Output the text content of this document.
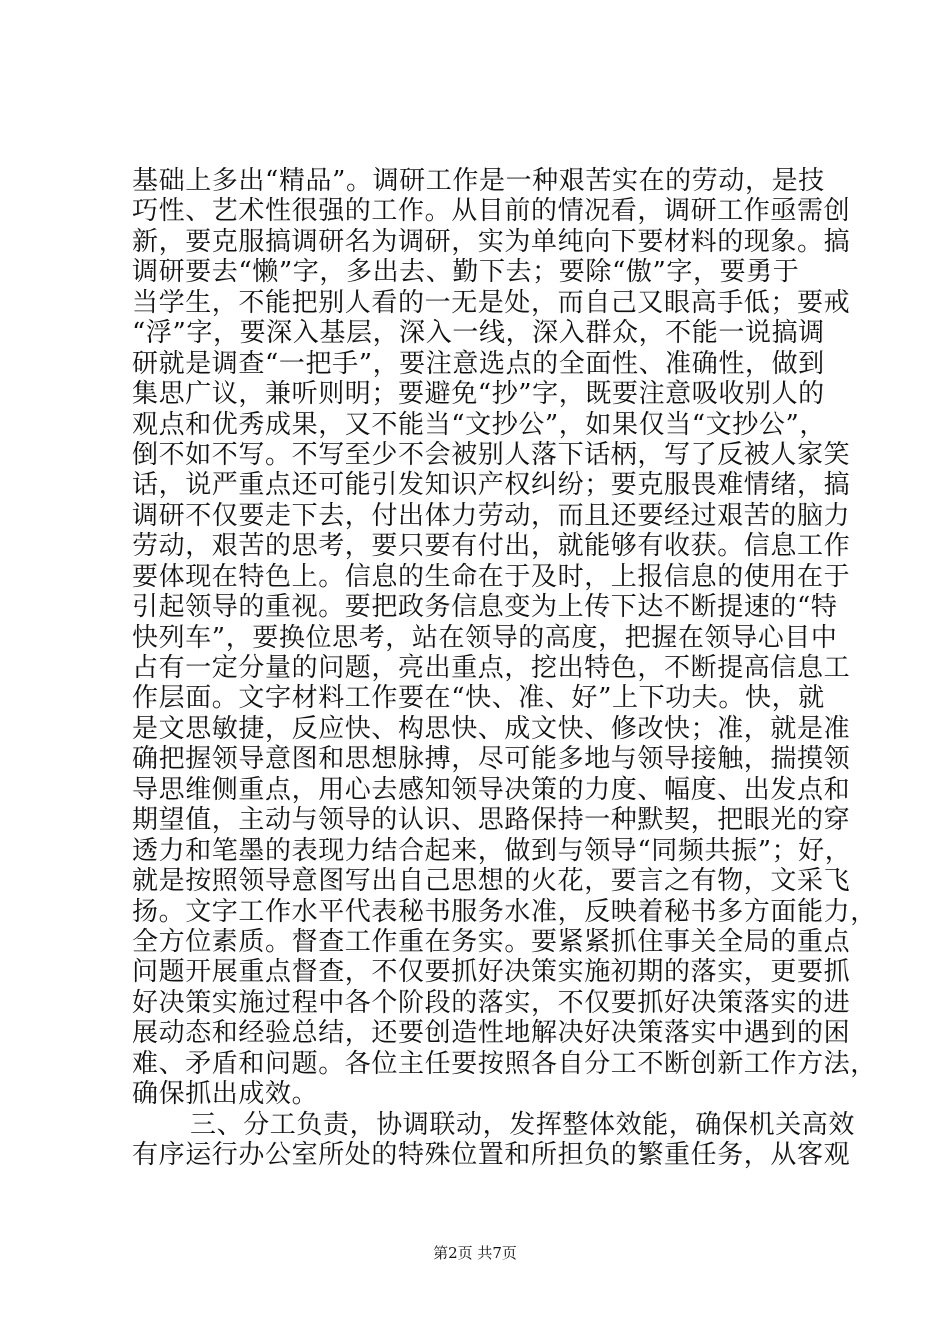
基础上多出“精品”。调研工作是一种艰苦实在的劳动，是技
巧性、艺术性很强的工作。从目前的情况看，调研工作亟需创
新，要克服搞调研名为调研，实为单纯向下要材料的现象。搞
调研要去“懒”字，多出去、勤下去；要除“傲”字，要勇于
当学生，不能把别人看的一无是处，而自己又眼高手低；要戒
“浮”字，要深入基层，深入一线，深入群众，不能一说搞调
研就是调查“一把手”，要注意选点的全面性、准确性，做到
集思广议，兼听则明；要避免“抄”字，既要注意吸收别人的
观点和优秀成果，又不能当“文抄公”，如果仅当“文抄公”，
倒不如不写。不写至少不会被别人落下话柄，写了反被人家笑
话，说严重点还可能引发知识产权纠纷；要克服畏难情绪，搞
调研不仅要走下去，付出体力劳动，而且还要经过艰苦的脑力
劳动，艰苦的思考，要只要有付出，就能够有收获。信息工作
要体现在特色上。信息的生命在于及时，上报信息的使用在于
引起领导的重视。要把政务信息变为上传下达不断提速的“特
快列车”，要换位思考，站在领导的高度，把握在领导心目中
占有一定分量的问题，亮出重点，挖出特色，不断提高信息工
作层面。文字材料工作要在“快、准、好”上下功夫。快，就
是文思敏捷，反应快、构思快、成文快、修改快；准，就是准
确把握领导意图和思想脉搏，尽可能多地与领导接触，揣摸领
导思维侧重点，用心去感知领导决策的力度、幅度、出发点和
期望值，主动与领导的认识、思路保持一种默契，把眼光的穿
透力和笔墨的表现力结合起来，做到与领导“同频共振”；好，
就是按照领导意图写出自己思想的火花，要言之有物，文采飞
扬。文字工作水平代表秘书服务水准，反映着秘书多方面能力，
全方位素质。督查工作重在务实。要紧紧抓住事关全局的重点
问题开展重点督查，不仅要抓好决策实施初期的落实，更要抓
好决策实施过程中各个阶段的落实，不仅要抓好决策落实的进
展动态和经验总结，还要创造性地解决好决策落实中遇到的困
难、矛盾和问题。各位主任要按照各自分工不断创新工作方法，
确保抓出成效。
三、分工负责，协调联动，发挥整体效能，确保机关高效
有序运行办公室所处的特殊位置和所担负的繁重任务，从客观
第2页 共7页
